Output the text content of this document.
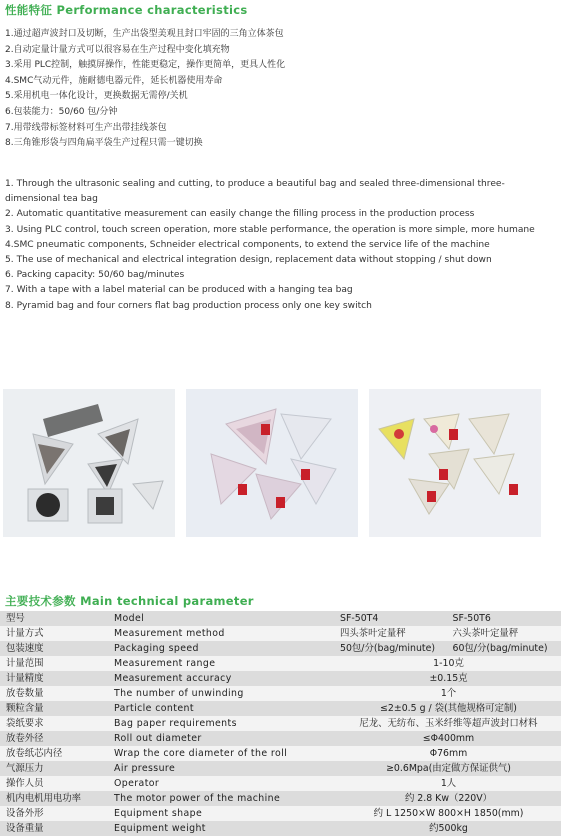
性能特征 Performance characteristics
1.通过超声波封口及切断，生产出袋型美观且封口牢固的三角立体茶包
2.自动定量计量方式可以很容易在生产过程中变化填充物
3.采用 PLC控制，触摸屏操作，性能更稳定，操作更简单，更具人性化
4.SMC气动元件，施耐德电器元件，延长机器使用寿命
5.采用机电一体化设计，更换数据无需停/关机
6.包装能力：50/60 包/分钟
7.用带线带标签材料可生产出带挂线茶包
8.三角锥形袋与四角扁平袋生产过程只需一键切换
1. Through the ultrasonic sealing and cutting, to produce a beautiful bag and sealed three-dimensional three-dimensional tea bag
2. Automatic quantitative measurement can easily change the filling process in the production process
3. Using PLC control, touch screen operation, more stable performance, the operation is more simple, more humane
4.SMC pneumatic components, Schneider electrical components, to extend the service life of the machine
5. The use of mechanical and electrical integration design, replacement data without stopping / shut down
6. Packing capacity: 50/60 bag/minutes
7. With a tape with a label material can be produced with a hanging tea bag
8. Pyramid bag and four corners flat bag production process only one key switch
主要技术参数 Main technical parameter
型号	Model	SF-50T4	SF-50T6
计量方式	Measurement method	四头茶叶定量秤	六头茶叶定量秤
包装速度	Packaging speed	50包/分(bag/minute)	60包/分(bag/minute)
计量范围	Measurement range	1-10克	
计量精度	Measurement accuracy	±0.15克	
放卷数量	The number of unwinding	1个	
颗粒含量	Particle content	≤2±0.5 g / 袋(其他规格可定制)	
袋纸要求	Bag paper requirements	尼龙、无纺布、玉米纤维等超声波封口材料	
放卷外径	Roll out diameter	≤Φ400mm	
放卷纸芯内径	Wrap the core diameter of the roll	Φ76mm	
气源压力	Air pressure	≥0.6Mpa(由定做方保证供气)	
操作人员	Operator	1人	
机内电机用电功率	The motor power of the machine	约 2.8 Kw（220V）	
设备外形	Equipment shape	约 L 1250×W 800×H 1850(mm)	
设备重量	Equipment weight	约500kg	
